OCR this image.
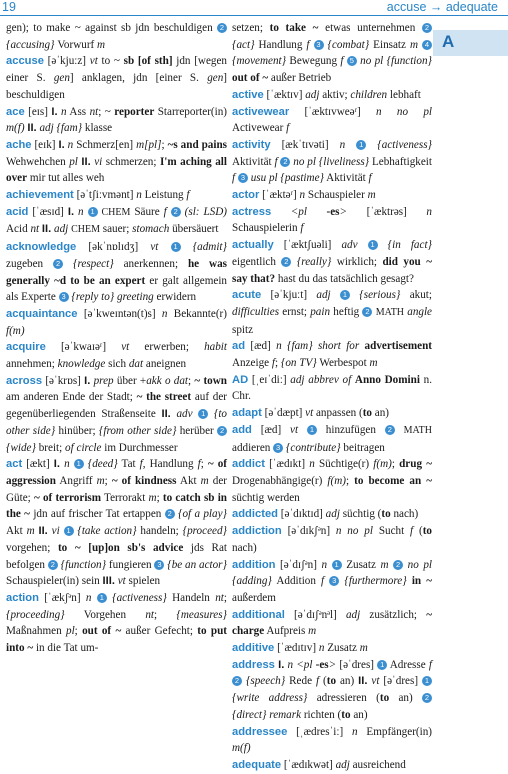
19	accuse → adequate
A
gen); to make ~ against sb jdn beschuldigen 2 {accusing} Vorwurf m
accuse [əˈkjuːz] vt to ~ sb [of sth] jdn [wegen einer S. gen] anklagen, jdn [einer S. gen] beschuldigen
ace [eɪs] I. n Ass nt; ~ reporter Starreporter(in) m(f) II. adj {fam} klasse
ache [eɪk] I. n Schmerz[en] m[pl]; ~s and pains Wehwehchen pl II. vi schmerzen; I'm aching all over mir tut alles weh
achievement [əˈtʃiːvmənt] n Leistung f
acid [ˈæsɪd] I. n 1 CHEM Säure f 2 (sl: LSD) Acid nt II. adj CHEM sauer; stomach übersäuert
acknowledge [əkˈnɒlɪdʒ] vt 1 {admit} zugeben 2 {respect} anerkennen; he was generally ~d to be an expert er galt allgemein als Experte 3 {reply to} greeting erwidern
acquaintance [əˈkweɪntən(t)s] n Bekannte(r) f(m)
acquire [əˈkwaɪəʳ] vt erwerben; habit annehmen; knowledge sich dat aneignen
across [əˈkrɒs] I. prep über +akk o dat; ~ town am anderen Ende der Stadt; ~ the street auf der gegenüberliegenden Straßenseite II. adv 1 {to other side} hinüber; {from other side} herüber 2 {wide} breit; of circle im Durchmesser
act [ækt] I. n 1 {deed} Tat f, Handlung f; ~ of aggression Angriff m; ~ of kindness Akt m der Güte; ~ of terrorism Terrorakt m; to catch sb in the ~ jdn auf frischer Tat ertappen 2 {of a play} Akt m II. vi 1 {take action} handeln; {proceed} vorgehen; to ~ [up]on sb's advice jds Rat befolgen 2 {function} fungieren 3 {be an actor} Schauspieler(in) sein III. vt spielen
action [ˈækʃᵊn] n 1 {activeness} Handeln nt; {proceeding} Vorgehen nt; {measures} Maßnahmen pl; out of ~ außer Gefecht; to put into ~ in die Tat um-
setzen; to take ~ etwas unternehmen 2 {act} Handlung f 3 {combat} Einsatz m 4 {movement} Bewegung f 5 no pl {function} out of ~ außer Betrieb
active [ˈæktɪv] adj aktiv; children lebhaft
activewear [ˈæktɪvweəʳ] n no pl Activewear f
activity [ækˈtɪvəti] n 1 {activeness} Aktivität f 2 no pl {liveliness} Lebhaftigkeit f 3 usu pl {pastime} Aktivität f
actor [ˈæktəʳ] n Schauspieler m
actress <pl -es> [ˈæktrəs] n Schauspielerin f
actually [ˈæktʃuəli] adv 1 {in fact} eigentlich 2 {really} wirklich; did you ~ say that? hast du das tatsächlich gesagt?
acute [əˈkjuːt] adj 1 {serious} akut; difficulties ernst; pain heftig 2 MATH angle spitz
ad [æd] n {fam} short for advertisement Anzeige f; {on TV} Werbespot m
AD [ˌeɪˈdiː] adj abbrev of Anno Domini n. Chr.
adapt [əˈdæpt] vt anpassen (to an)
add [æd] vt 1 hinzufügen 2 MATH addieren 3 {contribute} beitragen
addict [ˈædɪkt] n Süchtige(r) f(m); drug ~ Drogenabhängige(r) f(m); to become an ~ süchtig werden
addicted [əˈdɪktɪd] adj süchtig (to nach)
addiction [əˈdɪkʃᵊn] n no pl Sucht f (to nach)
addition [əˈdɪʃᵊn] n 1 Zusatz m 2 no pl {adding} Addition f 3 {furthermore} in ~ außerdem
additional [əˈdɪʃᵊnᵊl] adj zusätzlich; ~ charge Aufpreis m
additive [ˈædɪtɪv] n Zusatz m
address I. n <pl -es> [əˈdres] 1 Adresse f 2 {speech} Rede f (to an) II. vt [əˈdres] 1 {write address} adressieren (to an) 2 {direct} remark richten (to an)
addressee [ˌædresˈiː] n Empfänger(in) m(f)
adequate [ˈædɪkwət] adj ausreichend
